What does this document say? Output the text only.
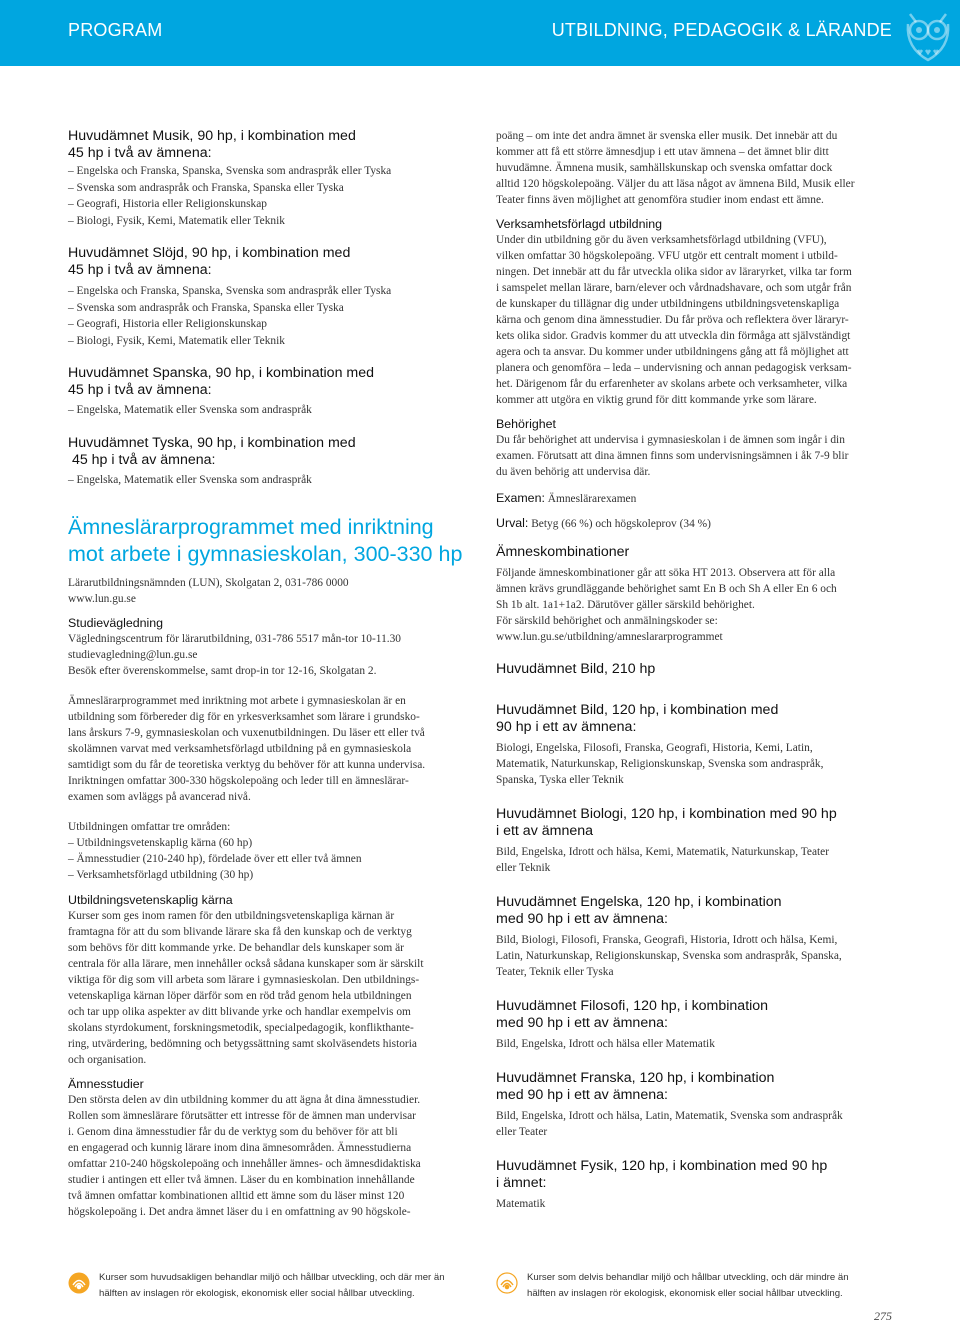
PROGRAM	UTBILDNING, PEDAGOGIK & LÄRANDE
Huvudämnet Musik, 90 hp, i kombination med
45 hp i två av ämnena:
– Engelska och Franska, Spanska, Svenska som andraspråk eller Tyska
– Svenska som andraspråk och Franska, Spanska eller Tyska
– Geografi, Historia eller Religionskunskap
– Biologi, Fysik, Kemi, Matematik eller Teknik
Huvudämnet Slöjd, 90 hp, i kombination med
45 hp i två av ämnena:
– Engelska och Franska, Spanska, Svenska som andraspråk eller Tyska
– Svenska som andraspråk och Franska, Spanska eller Tyska
– Geografi, Historia eller Religionskunskap
– Biologi, Fysik, Kemi, Matematik eller Teknik
Huvudämnet Spanska, 90 hp, i kombination med
45 hp i två av ämnena:
– Engelska, Matematik eller Svenska som andraspråk
Huvudämnet Tyska, 90 hp, i kombination med
45 hp i två av ämnena:
– Engelska, Matematik eller Svenska som andraspråk
Ämneslärarprogrammet med inriktning
mot arbete i gymnasieskolan, 300-330 hp
Lärarutbildningsnämnden (LUN), Skolgatan 2, 031-786 0000
www.lun.gu.se
Studievägledning
Vägledningscentrum för lärarutbildning, 031-786 5517 mån-tor 10-11.30
studievagledning@lun.gu.se
Besök efter överenskommelse, samt drop-in tor 12-16, Skolgatan 2.
Ämneslärarprogrammet med inriktning mot arbete i gymnasieskolan är en
utbildning som förbereder dig för en yrkesverksamhet som lärare i grundsko-
lans årskurs 7-9, gymnasieskolan och vuxenutbildningen. Du läser ett eller två
skolämnen varvat med verksamhetsförlagd utbildning på en gymnasieskola
samtidigt som du får de teoretiska verktyg du behöver för att kunna undervisa.
Inriktningen omfattar 300-330 högskolepoäng och leder till en ämneslärar-
examen som avläggs på avancerad nivå.
Utbildningen omfattar tre områden:
– Utbildningsvetenskaplig kärna (60 hp)
– Ämnesstudier (210-240 hp), fördelade över ett eller två ämnen
– Verksamhetsförlagd utbildning (30 hp)
Utbildningsvetenskaplig kärna
Kurser som ges inom ramen för den utbildningsvetenskapliga kärnan är
framtagna för att du som blivande lärare ska få den kunskap och de verktyg
som behövs för ditt kommande yrke. De behandlar dels kunskaper som är
centrala för alla lärare, men innehåller också sådana kunskaper som är särskilt
viktiga för dig som vill arbeta som lärare i gymnasieskolan. Den utbildnings-
vetenskapliga kärnan löper därför som en röd tråd genom hela utbildningen
och tar upp olika aspekter av ditt blivande yrke och handlar exempelvis om
skolans styrdokument, forskningsmetodik, specialpedagogik, konflikthante-
ring, utvärdering, bedömning och betygssättning samt skolväsendets historia
och organisation.
Ämnesstudier
Den största delen av din utbildning kommer du att ägna åt dina ämnesstudier.
Rollen som ämneslärare förutsätter ett intresse för de ämnen man undervisar
i. Genom dina ämnesstudier får du de verktyg som du behöver för att bli
en engagerad och kunnig lärare inom dina ämnesområden. Ämnesstudierna
omfattar 210-240 högskolepoäng och innehåller ämnes- och ämnesdidaktiska
studier i antingen ett eller två ämnen. Läser du en kombination innehållande
två ämnen omfattar kombinationen alltid ett ämne som du läser minst 120
högskolepoäng i. Det andra ämnet läser du i en omfattning av 90 högskole-
poäng – om inte det andra ämnet är svenska eller musik. Det innebär att du
kommer att få ett större ämnesdjup i ett utav ämnena – det ämnet blir ditt
huvudämne. Ämnena musik, samhällskunskap och svenska omfattar dock
alltid 120 högskolepoäng. Väljer du att läsa något av ämnena Bild, Musik eller
Teater finns även möjlighet att genomföra studier inom endast ett ämne.
Verksamhetsförlagd utbildning
Under din utbildning gör du även verksamhetsförlagd utbildning (VFU),
vilken omfattar 30 högskolepoäng. VFU utgör ett centralt moment i utbild-
ningen. Det innebär att du får utveckla olika sidor av läraryrket, vilka tar form
i samspelet mellan lärare, barn/elever och vårdnadshavare, och som utgår från
de kunskaper du tillägnar dig under utbildningens utbildningsvetenskapliga
kärna och genom dina ämnesstudier. Du får pröva och reflektera över läraryr-
kets olika sidor. Gradvis kommer du att utveckla din förmåga att självständigt
agera och ta ansvar. Du kommer under utbildningens gång att få möjlighet att
planera och genomföra – leda – undervisning och annan pedagogisk verksam-
het. Därigenom får du erfarenheter av skolans arbete och verksamheter, vilka
kommer att utgöra en viktig grund för ditt kommande yrke som lärare.
Behörighet
Du får behörighet att undervisa i gymnasieskolan i de ämnen som ingår i din
examen. Förutsatt att dina ämnen finns som undervisningsämnen i åk 7-9 blir
du även behörig att undervisa där.
Examen: Ämneslärarexamen
Urval: Betyg (66 %) och högskoleprov (34 %)
Ämneskombinationer
Följande ämneskombinationer går att söka HT 2013. Observera att för alla
ämnen krävs grundläggande behörighet samt En B och Sh A eller En 6 och
Sh 1b alt. 1a1+1a2. Därutöver gäller särskild behörighet.
För särskild behörighet och anmälningskoder se:
www.lun.gu.se/utbildning/amneslararprogrammet
Huvudämnet Bild, 210 hp
Huvudämnet Bild, 120 hp, i kombination med
90 hp i ett av ämnena:
Biologi, Engelska, Filosofi, Franska, Geografi, Historia, Kemi, Latin,
Matematik, Naturkunskap, Religionskunskap, Svenska som andraspråk,
Spanska, Tyska eller Teknik
Huvudämnet Biologi, 120 hp, i kombination med 90 hp
i ett av ämnena
Bild, Engelska, Idrott och hälsa, Kemi, Matematik, Naturkunskap, Teater
eller Teknik
Huvudämnet Engelska, 120 hp, i kombination
med 90 hp i ett av ämnena:
Bild, Biologi, Filosofi, Franska, Geografi, Historia, Idrott och hälsa, Kemi,
Latin, Naturkunskap, Religionskunskap, Svenska som andraspråk, Spanska,
Teater, Teknik eller Tyska
Huvudämnet Filosofi, 120 hp, i kombination
med 90 hp i ett av ämnena:
Bild, Engelska, Idrott och hälsa eller Matematik
Huvudämnet Franska, 120 hp, i kombination
med 90 hp i ett av ämnena:
Bild, Engelska, Idrott och hälsa, Latin, Matematik, Svenska som andraspråk
eller Teater
Huvudämnet Fysik, 120 hp, i kombination med 90 hp
i ämnet:
Matematik
Kurser som huvudsakligen behandlar miljö och hållbar utveckling, och där mer än
hälften av inslagen rör ekologisk, ekonomisk eller social hållbar utveckling.
Kurser som delvis behandlar miljö och hållbar utveckling, och där mindre än
hälften av inslagen rör ekologisk, ekonomisk eller social hållbar utveckling.
275
